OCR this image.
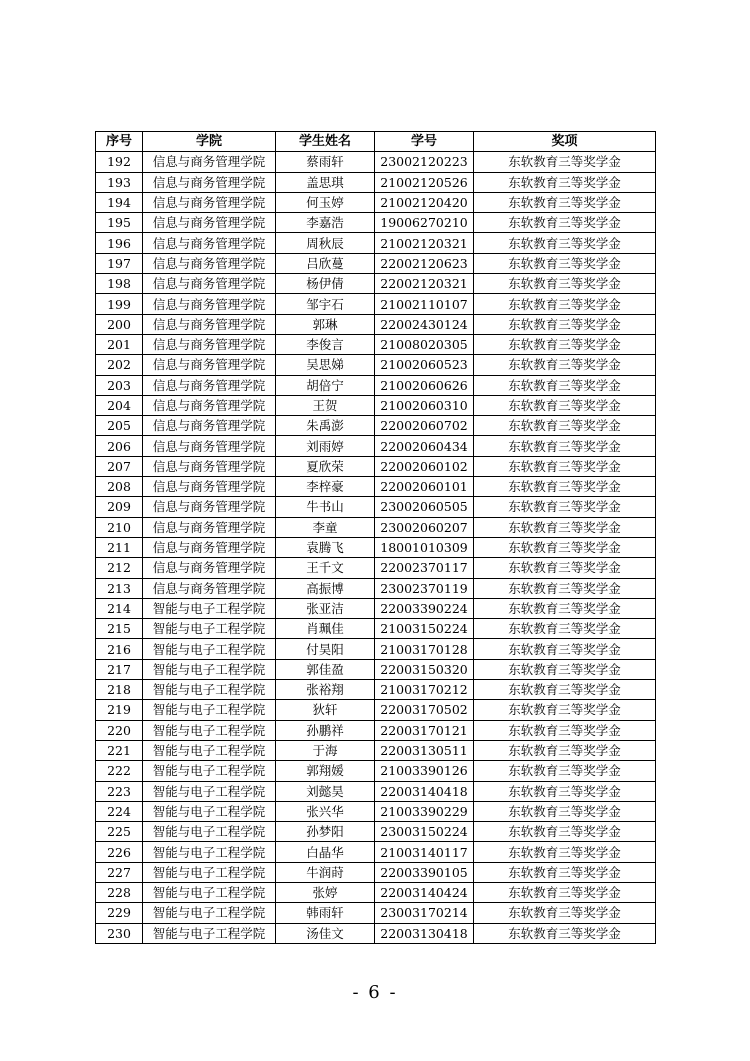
序号	学院	学生姓名	学号	奖项
192	信息与商务管理学院	蔡雨轩	23002120223	东软教育三等奖学金
193	信息与商务管理学院	盖思琪	21002120526	东软教育三等奖学金
194	信息与商务管理学院	何玉婷	21002120420	东软教育三等奖学金
195	信息与商务管理学院	李嘉浩	19006270210	东软教育三等奖学金
196	信息与商务管理学院	周秋辰	21002120321	东软教育三等奖学金
197	信息与商务管理学院	吕欣蔓	22002120623	东软教育三等奖学金
198	信息与商务管理学院	杨伊倩	22002120321	东软教育三等奖学金
199	信息与商务管理学院	邹宇石	21002110107	东软教育三等奖学金
200	信息与商务管理学院	郭琳	22002430124	东软教育三等奖学金
201	信息与商务管理学院	李俊言	21008020305	东软教育三等奖学金
202	信息与商务管理学院	吴思娣	21002060523	东软教育三等奖学金
203	信息与商务管理学院	胡倍宁	21002060626	东软教育三等奖学金
204	信息与商务管理学院	王贺	21002060310	东软教育三等奖学金
205	信息与商务管理学院	朱禹澎	22002060702	东软教育三等奖学金
206	信息与商务管理学院	刘雨婷	22002060434	东软教育三等奖学金
207	信息与商务管理学院	夏欣荣	22002060102	东软教育三等奖学金
208	信息与商务管理学院	李梓豪	22002060101	东软教育三等奖学金
209	信息与商务管理学院	牛书山	23002060505	东软教育三等奖学金
210	信息与商务管理学院	李童	23002060207	东软教育三等奖学金
211	信息与商务管理学院	袁腾飞	18001010309	东软教育三等奖学金
212	信息与商务管理学院	王千文	22002370117	东软教育三等奖学金
213	信息与商务管理学院	高振博	23002370119	东软教育三等奖学金
214	智能与电子工程学院	张亚洁	22003390224	东软教育三等奖学金
215	智能与电子工程学院	肖珮佳	21003150224	东软教育三等奖学金
216	智能与电子工程学院	付昊阳	21003170128	东软教育三等奖学金
217	智能与电子工程学院	郭佳盈	22003150320	东软教育三等奖学金
218	智能与电子工程学院	张裕翔	21003170212	东软教育三等奖学金
219	智能与电子工程学院	狄轩	22003170502	东软教育三等奖学金
220	智能与电子工程学院	孙鹏祥	22003170121	东软教育三等奖学金
221	智能与电子工程学院	于海	22003130511	东软教育三等奖学金
222	智能与电子工程学院	郭翔媛	21003390126	东软教育三等奖学金
223	智能与电子工程学院	刘懿昊	22003140418	东软教育三等奖学金
224	智能与电子工程学院	张兴华	21003390229	东软教育三等奖学金
225	智能与电子工程学院	孙梦阳	23003150224	东软教育三等奖学金
226	智能与电子工程学院	白晶华	21003140117	东软教育三等奖学金
227	智能与电子工程学院	牛润莳	22003390105	东软教育三等奖学金
228	智能与电子工程学院	张婷	22003140424	东软教育三等奖学金
229	智能与电子工程学院	韩雨轩	23003170214	东软教育三等奖学金
230	智能与电子工程学院	汤佳文	22003130418	东软教育三等奖学金
- 6 -
